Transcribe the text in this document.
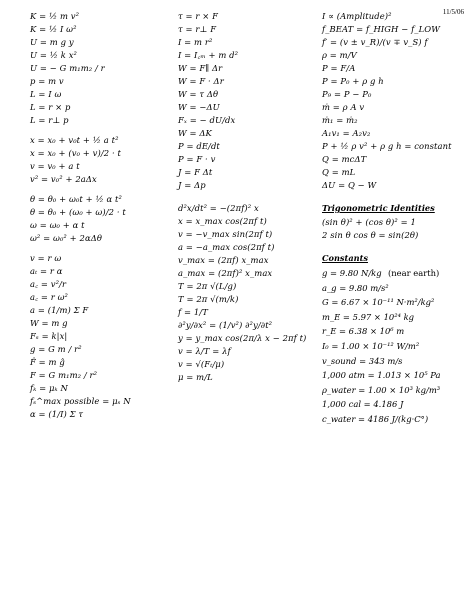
11/5/06
K = ½ m v²
K = ½ I ω²
U = m g y
U = ½ k x²
U = − G m₁m₂ / r
p = m v
L = I ω
L = r × p
L = r⊥ p
x = x₀ + v₀t + ½ a t²
x = x₀ + (v₀ + v)/2 · t
v = v₀ + a t
v² = v₀² + 2aΔx
θ = θ₀ + ω₀t + ½ α t²
θ = θ₀ + (ω₀ + ω)/2 · t
ω = ω₀ + α t
ω² = ω₀² + 2αΔθ
v = r ω
aₜ = r α
a꜀ = v²/r
a꜀ = r ω²
a = (1/m) Σ F
W = m g
Fₛ = k|x|
g = G m / r²
F̂ = m ĝ
F = G m₁m₂ / r²
fₖ = μₖ N
fₛ^max possible = μₛ N
α = (1/I) Σ τ
τ = r × F
τ = r⊥ F
I = m r²
I = I꜀ₘ + m d²
W = F∥ Δr
W = F · Δr
W = τ Δθ
W = −ΔU
Fₓ = − dU/dx
W = ΔK
P = dE/dt
P = F · v
J = F Δt
J = Δp
d²x/dt² = −(2πf)² x
x = x_max cos(2πf t)
v = −v_max sin(2πf t)
a = −a_max cos(2πf t)
v_max = (2πf) x_max
a_max = (2πf)² x_max
T = 2π √(L/g)
T = 2π √(m/k)
f = 1/T
∂²y/∂x² = (1/v²) ∂²y/∂t²
y = y_max cos(2π/λ x − 2πf t)
v = λ/T = λf
v = √(Fₜ/μ)
μ = m/L
I ∝ (Amplitude)²
f_BEAT = f_HIGH − f_LOW
f′ = (v ± v_R)/(v ∓ v_S) f
ρ = m/V
P = F/A
P = P₀ + ρ g h
P₉ = P − P₀
ṁ = ρ A v
ṁ₁ = ṁ₂
A₁v₁ = A₂v₂
P + ½ ρ v² + ρ g h = constant
Q = mcΔT
Q = mL
ΔU = Q − W
Trigonometric Identities
(sin θ)² + (cos θ)² = 1
2 sin θ cos θ = sin(2θ)
Constants
g = 9.80 N/kg (near earth)
a_g = 9.80 m/s²
G = 6.67 × 10⁻¹¹ N·m²/kg²
m_E = 5.97 × 10²⁴ kg
r_E = 6.38 × 10⁶ m
I₀ = 1.00 × 10⁻¹² W/m²
v_sound = 343 m/s
1,000 atm = 1.013 × 10⁵ Pa
ρ_water = 1.00 × 10³ kg/m³
1,000 cal = 4.186 J
c_water = 4186 J/(kg·C°)
